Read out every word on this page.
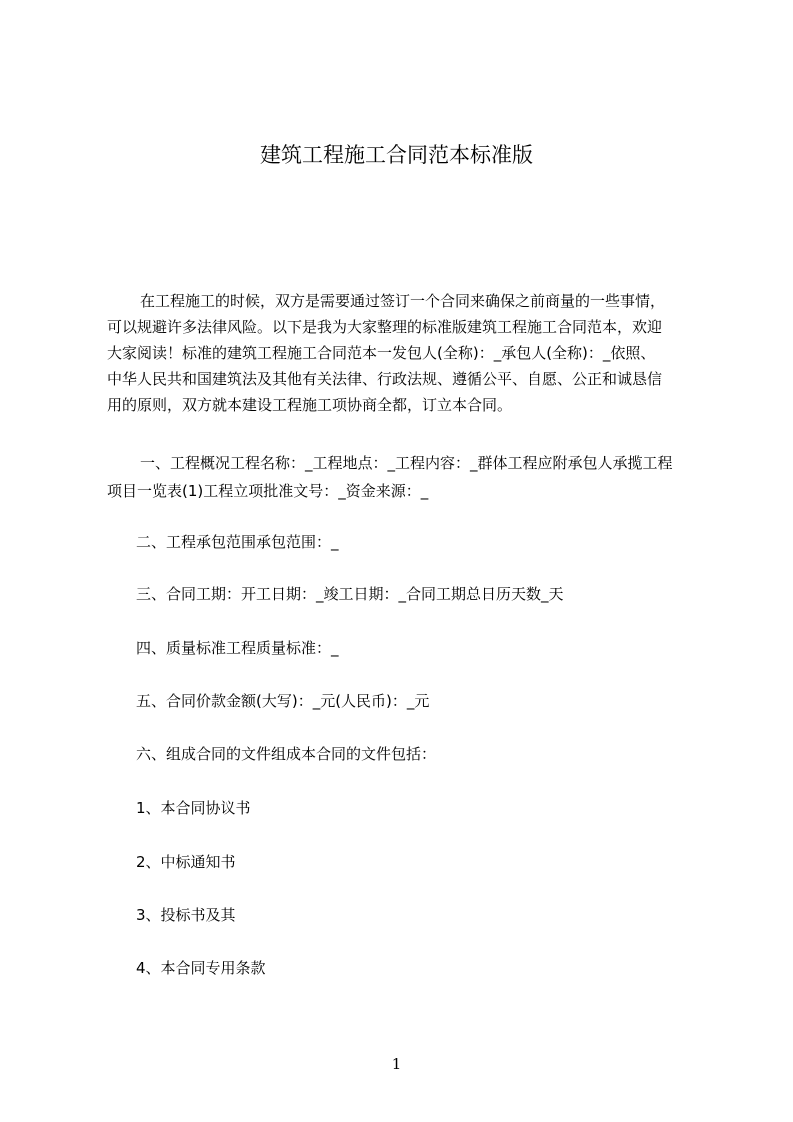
建筑工程施工合同范本标准版
在工程施工的时候，双方是需要通过签订一个合同来确保之前商量的一些事情，
可以规避许多法律风险。以下是我为大家整理的标准版建筑工程施工合同范本，欢迎
大家阅读！标准的建筑工程施工合同范本一发包人(全称)：_承包人(全称)：_依照、
中华人民共和国建筑法及其他有关法律、行政法规、遵循公平、自愿、公正和诚恳信
用的原则，双方就本建设工程施工项协商全都，订立本合同。
一、工程概况工程名称：_工程地点：_工程内容：_群体工程应附承包人承揽工程
项目一览表(1)工程立项批准文号：_资金来源：_

二、工程承包范围承包范围：_

三、合同工期：开工日期：_竣工日期：_合同工期总日历天数_天

四、质量标准工程质量标准：_

五、合同价款金额(大写)：_元(人民币)：_元

六、组成合同的文件组成本合同的文件包括：

1、本合同协议书

2、中标通知书

3、投标书及其

4、本合同专用条款

1
